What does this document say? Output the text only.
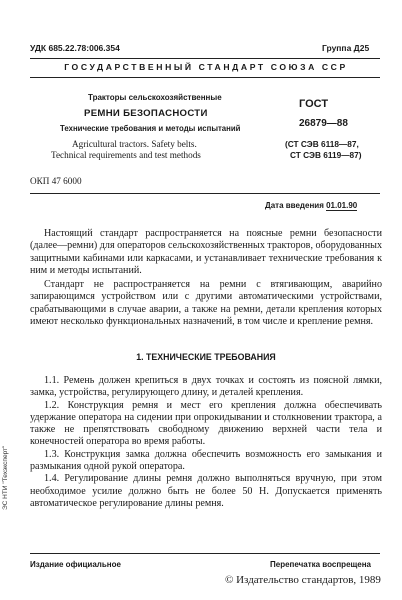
УДК 685.22.78:006.354	Группа Д25
ГОСУДАРСТВЕННЫЙ СТАНДАРТ СОЮЗА ССР
Тракторы сельскохозяйственные
РЕМНИ БЕЗОПАСНОСТИ
Технические требования и методы испытаний
Agricultural tractors. Safety belts.
Technical requirements and test methods
ГОСТ
26879—88
(СТ СЭВ 6118—87,
СТ СЭВ 6119—87)
ОКП 47 6000
Дата введения 01.01.90

Настоящий стандарт распространяется на поясные ремни безопасности (далее—ремни) для операторов сельскохозяйственных тракторов, оборудованных защитными кабинами или каркасами, и устанавливает технические требования к ним и методы испытаний.

Стандарт не распространяется на ремни с втягивающим, аварийно запирающимся устройством или с другими автоматическими устройствами, срабатывающими в случае аварии, а также на ремни, детали крепления которых имеют несколько функциональных назначений, в том числе и крепление ремня.

1. ТЕХНИЧЕСКИЕ ТРЕБОВАНИЯ

1.1. Ремень должен крепиться в двух точках и состоять из поясной лямки, замка, устройства, регулирующего длину, и деталей крепления.

1.2. Конструкция ремня и мест его крепления должна обеспечивать удержание оператора на сидении при опрокидывании и столкновении трактора, а также не препятствовать свободному движению верхней части тела и конечностей оператора во время работы.

1.3. Конструкция замка должна обеспечить возможность его замыкания и размыкания одной рукой оператора.

1.4. Регулирование длины ремня должно выполняться вручную, при этом необходимое усилие должно быть не более 50 Н. Допускается применять автоматическое регулирование длины ремня.

Издание официальное	Перепечатка воспрещена
© Издательство стандартов, 1989
ЭС НТИ "Техэксперт"
